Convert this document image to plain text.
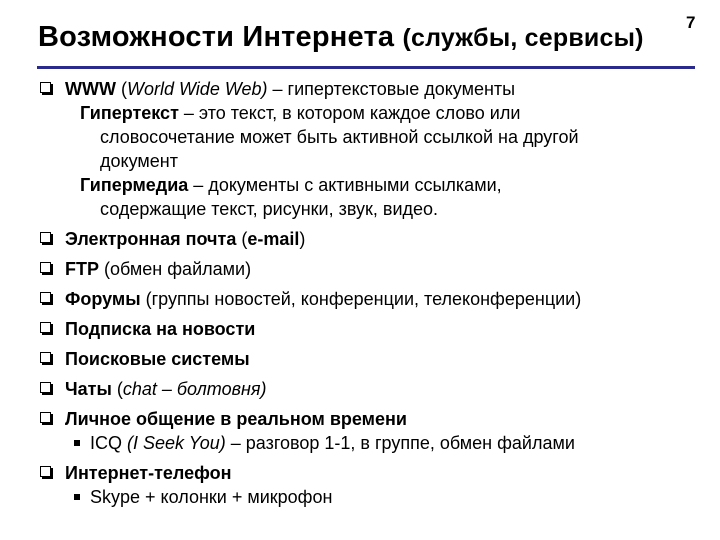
Возможности Интернета (службы, сервисы)
7
WWW (World Wide Web) – гипертекстовые документы
Гипертекст – это текст, в котором каждое слово или
словосочетание может быть активной ссылкой на другой
документ
Гипермедиа – документы с активными ссылками,
содержащие текст, рисунки, звук, видео.
Электронная почта (e-mail)
FTP (обмен файлами)
Форумы (группы новостей, конференции, телеконференции)
Подписка на новости
Поисковые системы
Чаты (chat – болтовня)
Личное общение в реальном времени
ICQ (I Seek You) – разговор 1-1, в группе, обмен файлами
Интернет-телефон
Skype + колонки + микрофон
